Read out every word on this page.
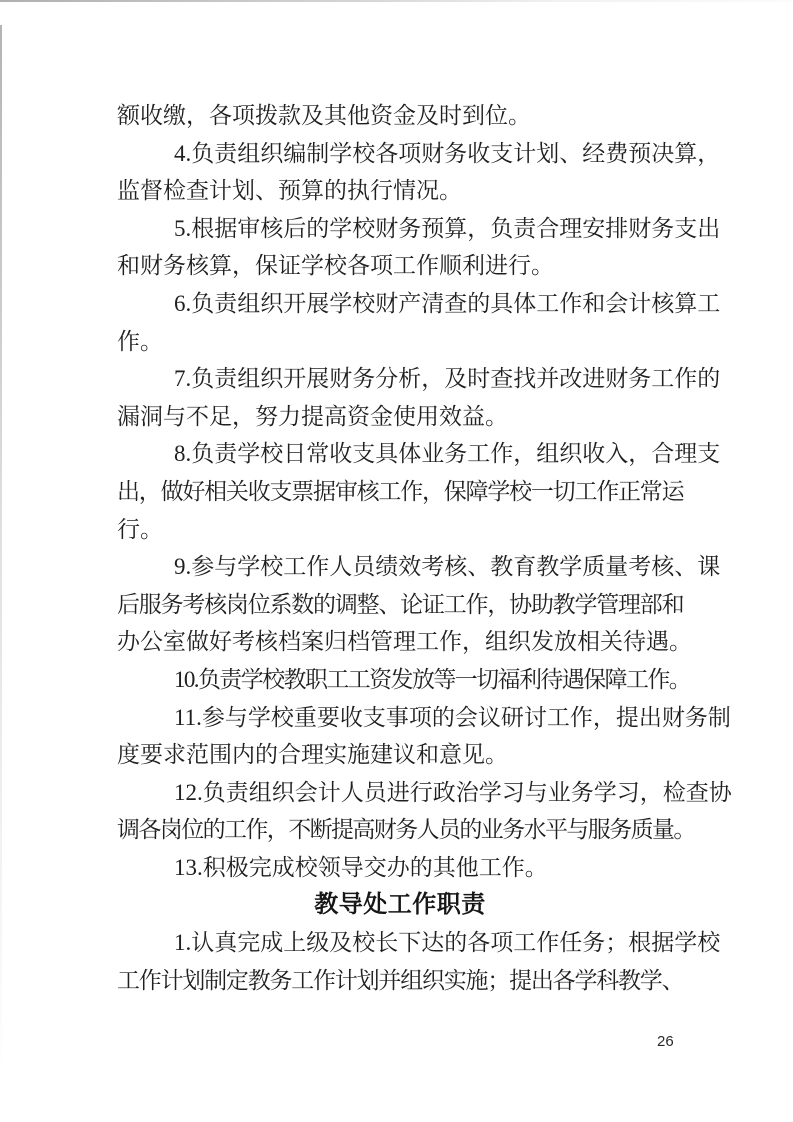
额收缴，各项拨款及其他资金及时到位。
4.负责组织编制学校各项财务收支计划、经费预决算，
监督检查计划、预算的执行情况。
5.根据审核后的学校财务预算，负责合理安排财务支出
和财务核算，保证学校各项工作顺利进行。
6.负责组织开展学校财产清查的具体工作和会计核算工
作。
7.负责组织开展财务分析，及时查找并改进财务工作的
漏洞与不足，努力提高资金使用效益。
8.负责学校日常收支具体业务工作，组织收入，合理支
出，做好相关收支票据审核工作，保障学校一切工作正常运
行。
9.参与学校工作人员绩效考核、教育教学质量考核、课
后服务考核岗位系数的调整、论证工作，协助教学管理部和
办公室做好考核档案归档管理工作，组织发放相关待遇。
10.负责学校教职工工资发放等一切福利待遇保障工作。
11.参与学校重要收支事项的会议研讨工作，提出财务制
度要求范围内的合理实施建议和意见。
12.负责组织会计人员进行政治学习与业务学习，检查协
调各岗位的工作，不断提高财务人员的业务水平与服务质量。
13.积极完成校领导交办的其他工作。
教导处工作职责
1.认真完成上级及校长下达的各项工作任务；根据学校
工作计划制定教务工作计划并组织实施；提出各学科教学、
26
